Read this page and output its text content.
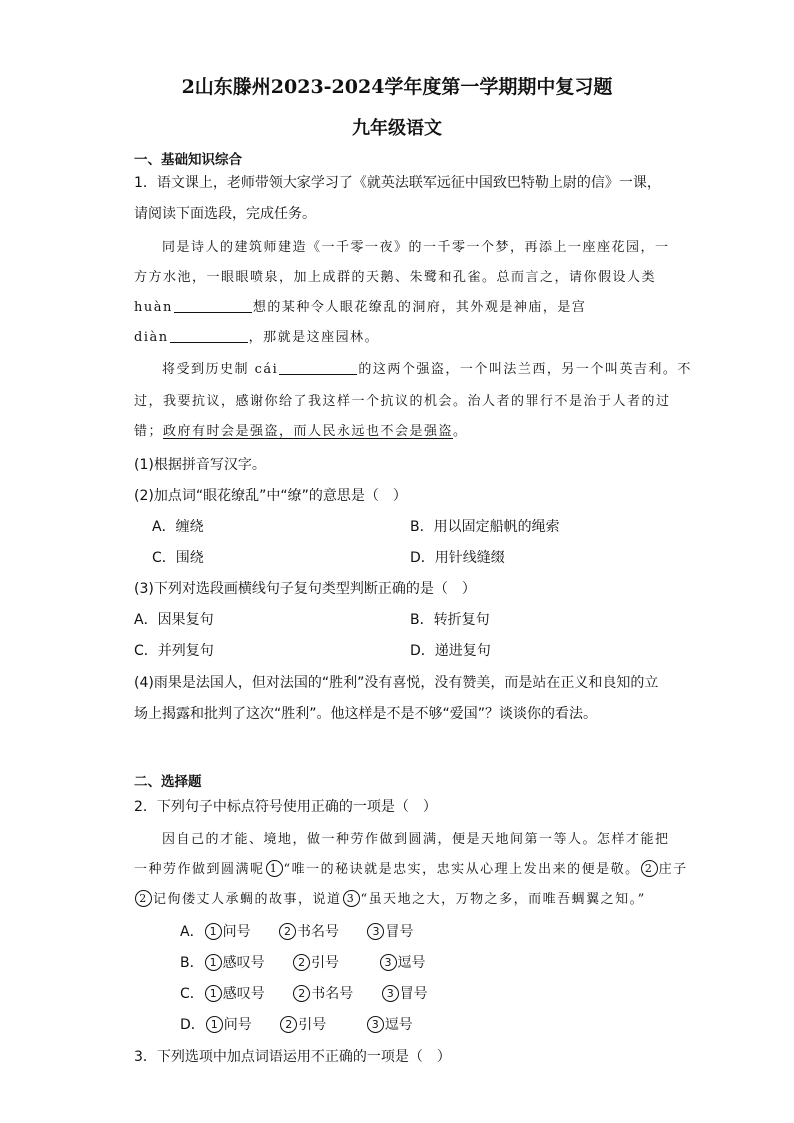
2山东滕州2023-2024学年度第一学期期中复习题
九年级语文
一、基础知识综合
1．语文课上，老师带领大家学习了《就英法联军远征中国致巴特勒上尉的信》一课，
请阅读下面选段，完成任务。
同是诗人的建筑师建造《一千零一夜》的一千零一个梦，再添上一座座花园，一
方方水池，一眼眼喷泉，加上成群的天鹅、朱鹭和孔雀。总而言之，请你假设人类
huàn	想的某种令人眼花缭乱的洞府，其外观是神庙，是宫
diàn	，那就是这座园林。
将受到历史制 cái	的这两个强盗，一个叫法兰西，另一个叫英吉利。不
过，我要抗议，感谢你给了我这样一个抗议的机会。治人者的罪行不是治于人者的过
错；政府有时会是强盗，而人民永远也不会是强盗。
(1)根据拼音写汉字。
(2)加点词“眼花缭乱”中“缭”的意思是（　）
A．缠绕	B．用以固定船帆的绳索
C．围绕	D．用针线缝缀
(3)下列对选段画横线句子复句类型判断正确的是（　）
A．因果复句	B．转折复句
C．并列复句	D．递进复句
(4)雨果是法国人，但对法国的“胜利”没有喜悦，没有赞美，而是站在正义和良知的立
场上揭露和批判了这次“胜利”。他这样是不是不够“爱国”？谈谈你的看法。
二、选择题
2．下列句子中标点符号使用正确的一项是（　）
因自己的才能、境地，做一种劳作做到圆满，便是天地间第一等人。怎样才能把
一种劳作做到圆满呢 1 “唯一的秘诀就是忠实，忠实从心理上发出来的便是敬。 2 庄子
2 记佝偻丈人承蜩的故事，说道 3 “虽天地之大，万物之多，而唯吾蜩翼之知。”
A． 1 问号	2 书名号	3 冒号
B． 1 感叹号	2 引号	3 逗号
C． 1 感叹号	2 书名号	3 冒号
D． 1 问号	2 引号	3 逗号
3．下列选项中加点词语运用不正确的一项是（　）
